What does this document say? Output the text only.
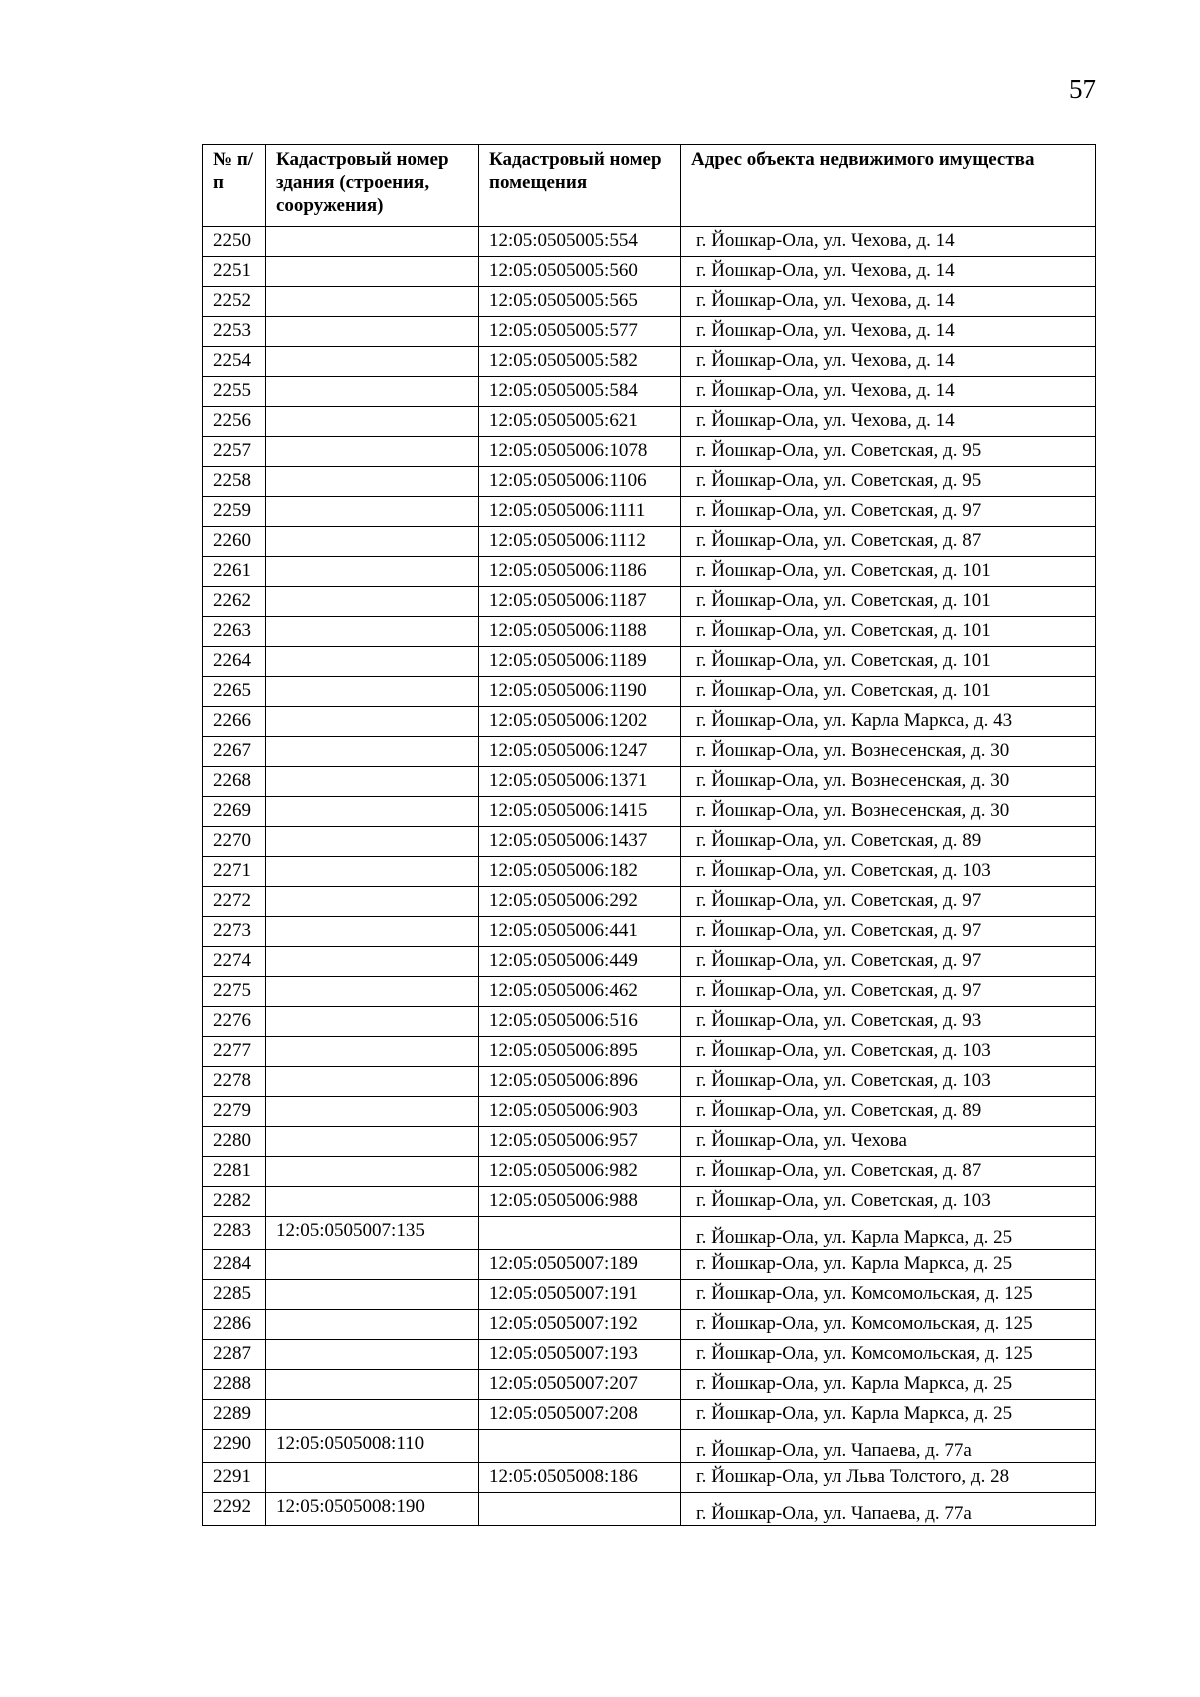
57
№ п/п	Кадастровый номер здания (строения, сооружения)	Кадастровый номер помещения	Адрес объекта недвижимого имущества

2250		12:05:0505005:554	г. Йошкар-Ола, ул. Чехова, д. 14

2251		12:05:0505005:560	г. Йошкар-Ола, ул. Чехова, д. 14

2252		12:05:0505005:565	г. Йошкар-Ола, ул. Чехова, д. 14

2253		12:05:0505005:577	г. Йошкар-Ола, ул. Чехова, д. 14

2254		12:05:0505005:582	г. Йошкар-Ола, ул. Чехова, д. 14

2255		12:05:0505005:584	г. Йошкар-Ола, ул. Чехова, д. 14

2256		12:05:0505005:621	г. Йошкар-Ола, ул. Чехова, д. 14

2257		12:05:0505006:1078	г. Йошкар-Ола, ул. Советская, д. 95

2258		12:05:0505006:1106	г. Йошкар-Ола, ул. Советская, д. 95

2259		12:05:0505006:1111	г. Йошкар-Ола, ул. Советская, д. 97

2260		12:05:0505006:1112	г. Йошкар-Ола, ул. Советская, д. 87

2261		12:05:0505006:1186	г. Йошкар-Ола, ул. Советская, д. 101

2262		12:05:0505006:1187	г. Йошкар-Ола, ул. Советская, д. 101

2263		12:05:0505006:1188	г. Йошкар-Ола, ул. Советская, д. 101

2264		12:05:0505006:1189	г. Йошкар-Ола, ул. Советская, д. 101

2265		12:05:0505006:1190	г. Йошкар-Ола, ул. Советская, д. 101

2266		12:05:0505006:1202	г. Йошкар-Ола, ул. Карла Маркса, д. 43

2267		12:05:0505006:1247	г. Йошкар-Ола, ул. Вознесенская, д. 30

2268		12:05:0505006:1371	г. Йошкар-Ола, ул. Вознесенская, д. 30

2269		12:05:0505006:1415	г. Йошкар-Ола, ул. Вознесенская, д. 30

2270		12:05:0505006:1437	г. Йошкар-Ола, ул. Советская, д. 89

2271		12:05:0505006:182	г. Йошкар-Ола, ул. Советская, д. 103

2272		12:05:0505006:292	г. Йошкар-Ола, ул. Советская, д. 97

2273		12:05:0505006:441	г. Йошкар-Ола, ул. Советская, д. 97

2274		12:05:0505006:449	г. Йошкар-Ола, ул. Советская, д. 97

2275		12:05:0505006:462	г. Йошкар-Ола, ул. Советская, д. 97

2276		12:05:0505006:516	г. Йошкар-Ола, ул. Советская, д. 93

2277		12:05:0505006:895	г. Йошкар-Ола, ул. Советская, д. 103

2278		12:05:0505006:896	г. Йошкар-Ола, ул. Советская, д. 103

2279		12:05:0505006:903	г. Йошкар-Ола, ул. Советская, д. 89

2280		12:05:0505006:957	г. Йошкар-Ола, ул. Чехова

2281		12:05:0505006:982	г. Йошкар-Ола, ул. Советская, д. 87

2282		12:05:0505006:988	г. Йошкар-Ола, ул. Советская, д. 103

2283	12:05:0505007:135		г. Йошкар-Ола, ул. Карла Маркса, д. 25

2284		12:05:0505007:189	г. Йошкар-Ола, ул. Карла Маркса, д. 25

2285		12:05:0505007:191	г. Йошкар-Ола, ул. Комсомольская, д. 125

2286		12:05:0505007:192	г. Йошкар-Ола, ул. Комсомольская, д. 125

2287		12:05:0505007:193	г. Йошкар-Ола, ул. Комсомольская, д. 125

2288		12:05:0505007:207	г. Йошкар-Ола, ул. Карла Маркса, д. 25

2289		12:05:0505007:208	г. Йошкар-Ола, ул. Карла Маркса, д. 25

2290	12:05:0505008:110		г. Йошкар-Ола, ул. Чапаева, д. 77а

2291		12:05:0505008:186	г. Йошкар-Ола, ул Льва Толстого, д. 28

2292	12:05:0505008:190		г. Йошкар-Ола, ул. Чапаева, д. 77а
